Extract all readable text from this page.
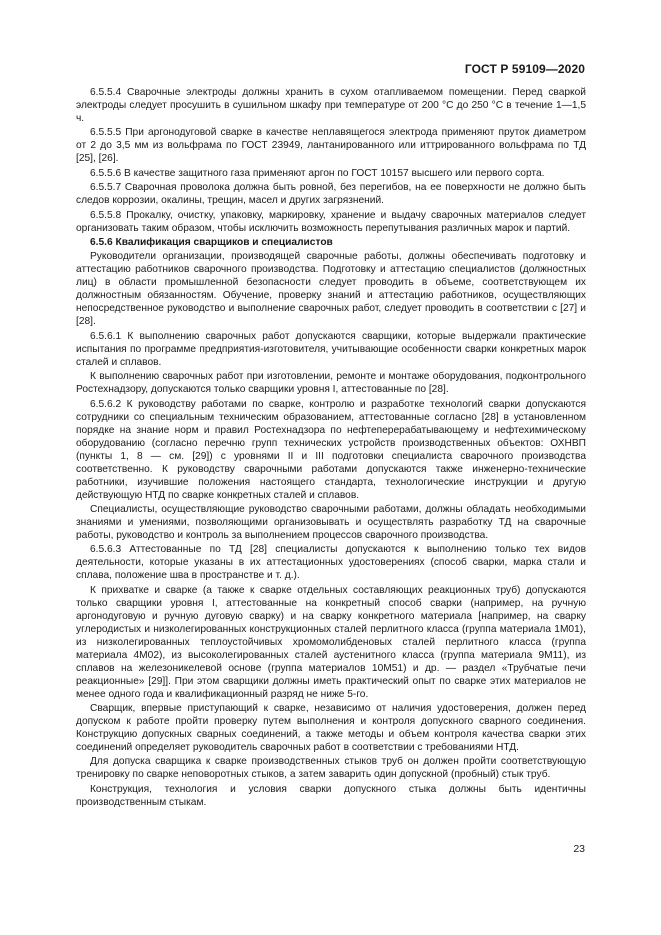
ГОСТ Р 59109—2020

6.5.5.4 Сварочные электроды должны хранить в сухом отапливаемом помещении. Перед сваркой электроды следует просушить в сушильном шкафу при температуре от 200 °С до 250 °С в течение 1—1,5 ч.

6.5.5.5 При аргонодуговой сварке в качестве неплавящегося электрода применяют пруток диаметром от 2 до 3,5 мм из вольфрама по ГОСТ 23949, лантанированного или иттрированного вольфрама по ТД [25], [26].

6.5.5.6 В качестве защитного газа применяют аргон по ГОСТ 10157 высшего или первого сорта.

6.5.5.7 Сварочная проволока должна быть ровной, без перегибов, на ее поверхности не должно быть следов коррозии, окалины, трещин, масел и других загрязнений.

6.5.5.8 Прокалку, очистку, упаковку, маркировку, хранение и выдачу сварочных материалов следует организовать таким образом, чтобы исключить возможность перепутывания различных марок и партий.

6.5.6 Квалификация сварщиков и специалистов

Руководители организации, производящей сварочные работы, должны обеспечивать подготовку и аттестацию работников сварочного производства. Подготовку и аттестацию специалистов (должностных лиц) в области промышленной безопасности следует проводить в объеме, соответствующем их должностным обязанностям. Обучение, проверку знаний и аттестацию работников, осуществляющих непосредственное руководство и выполнение сварочных работ, следует проводить в соответствии с [27] и [28].

6.5.6.1 К выполнению сварочных работ допускаются сварщики, которые выдержали практические испытания по программе предприятия-изготовителя, учитывающие особенности сварки конкретных марок сталей и сплавов.

К выполнению сварочных работ при изготовлении, ремонте и монтаже оборудования, подконтрольного Ростехнадзору, допускаются только сварщики уровня I, аттестованные по [28].

6.5.6.2 К руководству работами по сварке, контролю и разработке технологий сварки допускаются сотрудники со специальным техническим образованием, аттестованные согласно [28] в установленном порядке на знание норм и правил Ростехнадзора по нефтеперерабатывающему и нефтехимическому оборудованию (согласно перечню групп технических устройств производственных объектов: ОХНВП (пункты 1, 8 — см. [29]) с уровнями II и III подготовки специалиста сварочного производства соответственно. К руководству сварочными работами допускаются также инженерно-технические работники, изучившие положения настоящего стандарта, технологические инструкции и другую действующую НТД по сварке конкретных сталей и сплавов.

Специалисты, осуществляющие руководство сварочными работами, должны обладать необходимыми знаниями и умениями, позволяющими организовывать и осуществлять разработку ТД на сварочные работы, руководство и контроль за выполнением процессов сварочного производства.

6.5.6.3 Аттестованные по ТД [28] специалисты допускаются к выполнению только тех видов деятельности, которые указаны в их аттестационных удостоверениях (способ сварки, марка стали и сплава, положение шва в пространстве и т. д.).

К прихватке и сварке (а также к сварке отдельных составляющих реакционных труб) допускаются только сварщики уровня I, аттестованные на конкретный способ сварки (например, на ручную аргонодуговую и ручную дуговую сварку) и на сварку конкретного материала [например, на сварку углеродистых и низколегированных конструкционных сталей перлитного класса (группа материала 1М01), из низколегированных теплоустойчивых хромомолибденовых сталей перлитного класса (группа материала 4М02), из высоколегированных сталей аустенитного класса (группа материала 9М11), из сплавов на железоникелевой основе (группа материалов 10М51) и др. — раздел «Трубчатые печи реакционные» [29]]. При этом сварщики должны иметь практический опыт по сварке этих материалов не менее одного года и квалификационный разряд не ниже 5-го.

Сварщик, впервые приступающий к сварке, независимо от наличия удостоверения, должен перед допуском к работе пройти проверку путем выполнения и контроля допускного сварного соединения. Конструкцию допускных сварных соединений, а также методы и объем контроля качества сварки этих соединений определяет руководитель сварочных работ в соответствии с требованиями НТД.

Для допуска сварщика к сварке производственных стыков труб он должен пройти соответствующую тренировку по сварке неповоротных стыков, а затем заварить один допускной (пробный) стык труб.

Конструкция, технология и условия сварки допускного стыка должны быть идентичны производственным стыкам.

23
